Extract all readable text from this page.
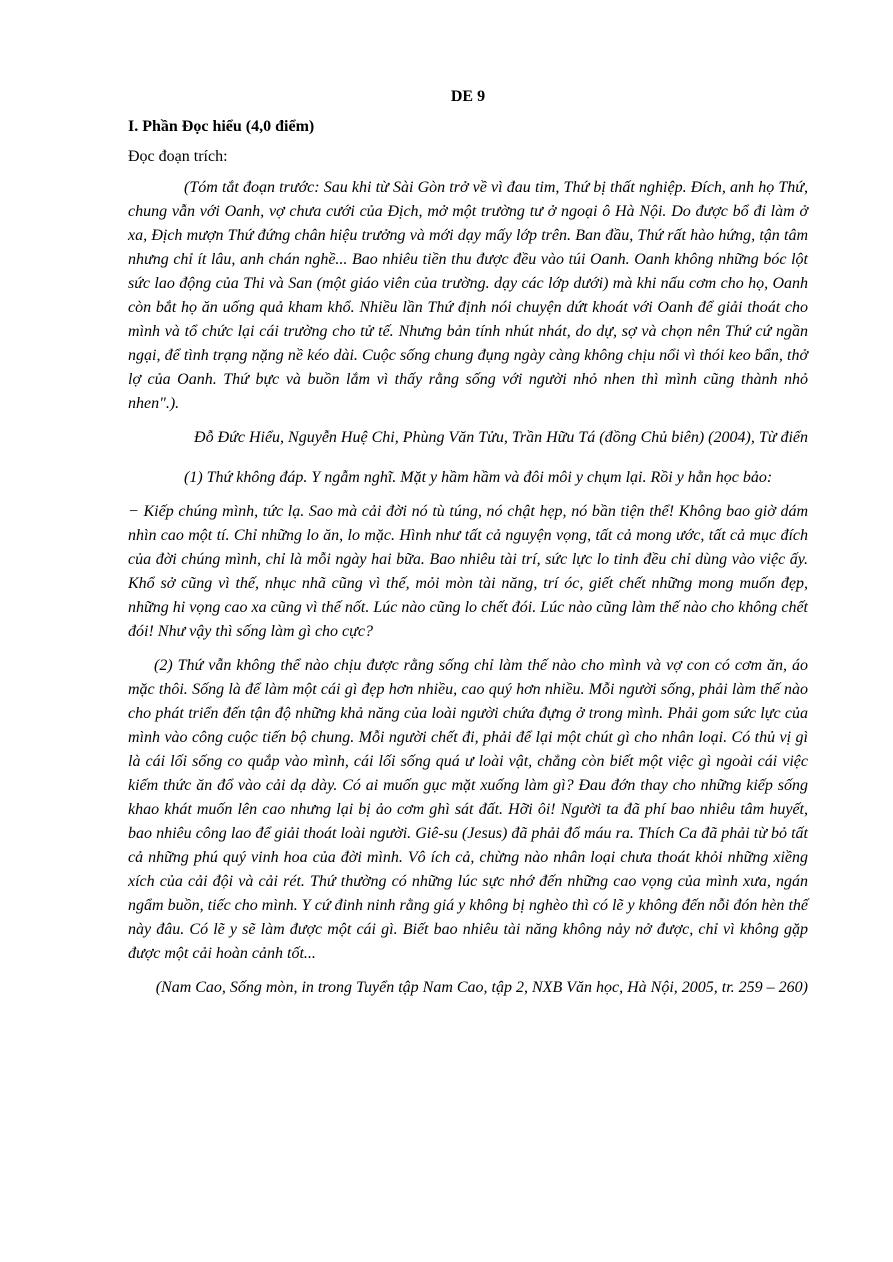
DE 9
I. Phần Đọc hiểu (4,0 điểm)
Đọc đoạn trích:

(Tóm tắt đoạn trước: Sau khi từ Sài Gòn trở về vì đau tim, Thứ bị thất nghiệp. Đích, anh họ Thứ, chung vẫn với Oanh, vợ chưa cưới của Địch, mở một trường tư ở ngoại ô Hà Nội. Do được bổ đi làm ở xa, Địch mượn Thứ đứng chân hiệu trưởng và mới dạy mấy lớp trên. Ban đầu, Thứ rất hào hứng, tận tâm nhưng chỉ ít lâu, anh chán nghề... Bao nhiêu tiền thu được đều vào túi Oanh. Oanh không những bóc lột sức lao động của Thi và San (một giáo viên của trường. dạy các lớp dưới) mà khi nấu cơm cho họ, Oanh còn bắt họ ăn uống quả kham khổ. Nhiều lần Thứ định nói chuyện dứt khoát với Oanh để giải thoát cho mình và tổ chức lại cái trường cho tử tế. Nhưng bản tính nhút nhát, do dự, sợ và chọn nên Thứ cứ ngần ngại, để tình trạng nặng nề kéo dài. Cuộc sống chung đụng ngày càng không chịu nổi vì thói keo bẩn, thở lợ của Oanh. Thứ bực và buồn lắm vì thấy rằng sống với người nhỏ nhen thì mình cũng thành nhỏ nhen".).

Đỗ Đức Hiểu, Nguyễn Huệ Chi, Phùng Văn Tửu, Trần Hữu Tá (đồng Chủ biên) (2004), Từ điển

(1) Thứ không đáp. Y ngẫm nghĩ. Mặt y hầm hầm và đôi môi y chụm lại. Rồi y hằn học bảo:

− Kiếp chúng mình, tức lạ. Sao mà cải đời nó tù túng, nó chật hẹp, nó bần tiện thể! Không bao giờ dám nhìn cao một tí. Chỉ những lo ăn, lo mặc. Hình như tất cả nguyện vọng, tất cả mong ước, tất cả mục đích của đời chúng mình, chỉ là mỗi ngày hai bữa. Bao nhiêu tài trí, sức lực lo tinh đều chỉ dùng vào việc ấy. Khổ sở cũng vì thế, nhục nhã cũng vì thế, mỏi mòn tài năng, trí óc, giết chết những mong muốn đẹp, những hi vọng cao xa cũng vì thế nốt. Lúc nào cũng lo chết đói. Lúc nào cũng làm thế nào cho không chết đói! Như vậy thì sống làm gì cho cực?

(2) Thứ vẫn không thể nào chịu được rằng sống chỉ làm thế nào cho mình và vợ con có cơm ăn, áo mặc thôi. Sống là để làm một cái gì đẹp hơn nhiều, cao quý hơn nhiều. Mỗi người sống, phải làm thế nào cho phát triển đến tận độ những khả năng của loài người chứa đựng ở trong mình. Phải gom sức lực của mình vào công cuộc tiến bộ chung. Mỗi người chết đi, phải để lại một chút gì cho nhân loại. Có thủ vị gì là cái lối sống co quắp vào mình, cái lối sống quá ư loài vật, chẳng còn biết một việc gì ngoài cái việc kiếm thức ăn đổ vào cải dạ dày. Có ai muốn gục mặt xuống làm gì? Đau đớn thay cho những kiếp sống khao khát muốn lên cao nhưng lại bị ảo cơm ghì sát đất. Hỡi ôi! Người ta đã phí bao nhiêu tâm huyết, bao nhiêu công lao để giải thoát loài người. Giê-su (Jesus) đã phải đổ máu ra. Thích Ca đã phải từ bỏ tất cả những phú quý vinh hoa của đời mình. Vô ích cả, chừng nào nhân loại chưa thoát khỏi những xiềng xích của cải đội và cải rét. Thứ thường có những lúc sực nhớ đến những cao vọng của mình xưa, ngán ngẩm buồn, tiếc cho mình. Y cứ đinh ninh rằng giá y không bị nghèo thì có lẽ y không đến nỗi đón hèn thế này đâu. Có lẽ y sẽ làm được một cái gì. Biết bao nhiêu tài năng không nảy nở được, chỉ vì không gặp được một cải hoàn cảnh tốt...

(Nam Cao, Sống mòn, in trong Tuyển tập Nam Cao, tập 2, NXB Văn học, Hà Nội, 2005, tr. 259 – 260)
